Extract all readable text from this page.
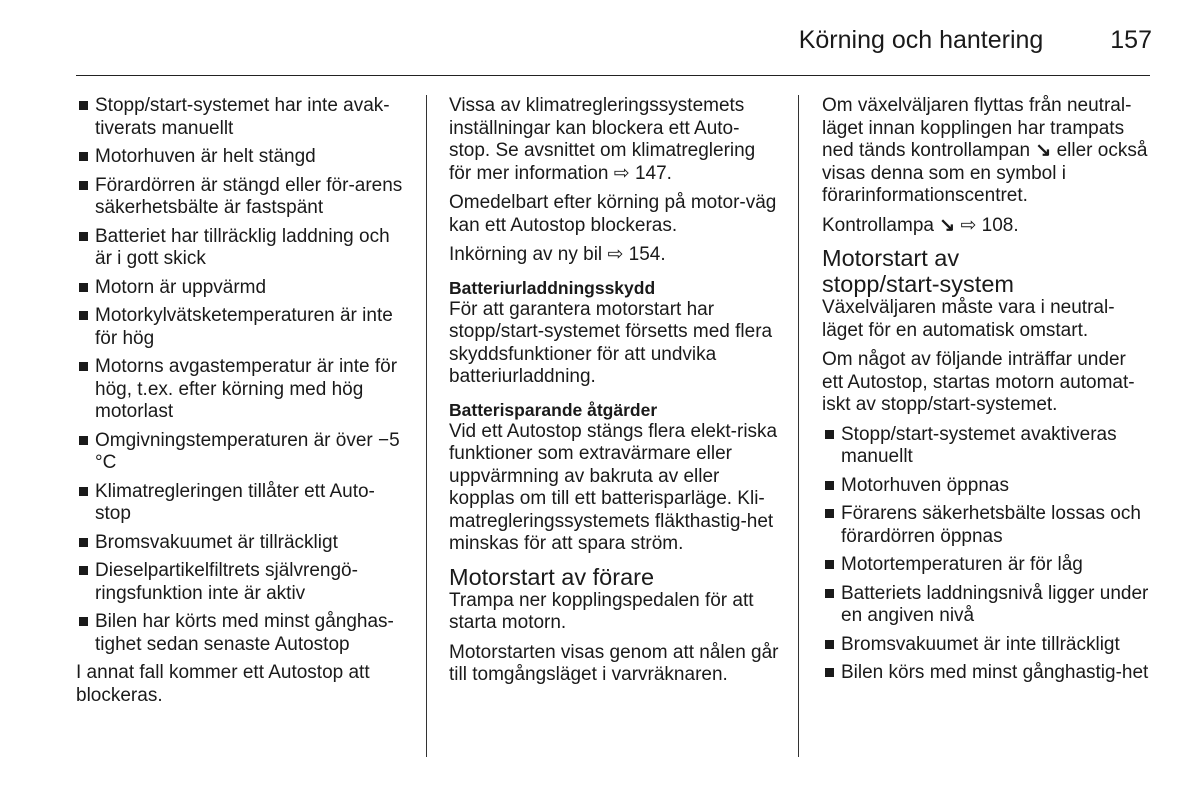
Körning och hantering	157
Stopp/start-systemet har inte avak-tiverats manuellt
Motorhuven är helt stängd
Förardörren är stängd eller för-arens säkerhetsbälte är fastspänt
Batteriet har tillräcklig laddning och är i gott skick
Motorn är uppvärmd
Motorkylvätsketemperaturen är inte för hög
Motorns avgastemperatur är inte för hög, t.ex. efter körning med hög motorlast
Omgivningstemperaturen är över −5 °C
Klimatregleringen tillåter ett Auto-stop
Bromsvakuumet är tillräckligt
Dieselpartikelfiltrets självrengö-ringsfunktion inte är aktiv
Bilen har körts med minst gånghas-tighet sedan senaste Autostop

I annat fall kommer ett Autostop att blockeras.

Vissa av klimatregleringssystemets inställningar kan blockera ett Auto-stop. Se avsnittet om klimatreglering för mer information ⇨ 147.

Omedelbart efter körning på motor-väg kan ett Autostop blockeras.

Inkörning av ny bil ⇨ 154.

Batteriurladdningsskydd

För att garantera motorstart har stopp/start-systemet försetts med flera skyddsfunktioner för att undvika batteriurladdning.

Batterisparande åtgärder

Vid ett Autostop stängs flera elekt-riska funktioner som extravärmare eller uppvärmning av bakruta av eller kopplas om till ett batterisparläge. Kli-matregleringssystemets fläkthastig-het minskas för att spara ström.

Motorstart av förare

Trampa ner kopplingspedalen för att starta motorn.

Motorstarten visas genom att nålen går till tomgångsläget i varvräknaren.

Om växelväljaren flyttas från neutral-läget innan kopplingen har trampats ned tänds kontrollampan ↘ eller också visas denna som en symbol i förarinformationscentret.

Kontrollampa ↘ ⇨ 108.

Motorstart av
stopp/start-system

Växelväljaren måste vara i neutral-läget för en automatisk omstart.

Om något av följande inträffar under ett Autostop, startas motorn automat-iskt av stopp/start-systemet.

Stopp/start-systemet avaktiveras manuellt
Motorhuven öppnas
Förarens säkerhetsbälte lossas och förardörren öppnas
Motortemperaturen är för låg
Batteriets laddningsnivå ligger under en angiven nivå
Bromsvakuumet är inte tillräckligt
Bilen körs med minst gånghastig-het
